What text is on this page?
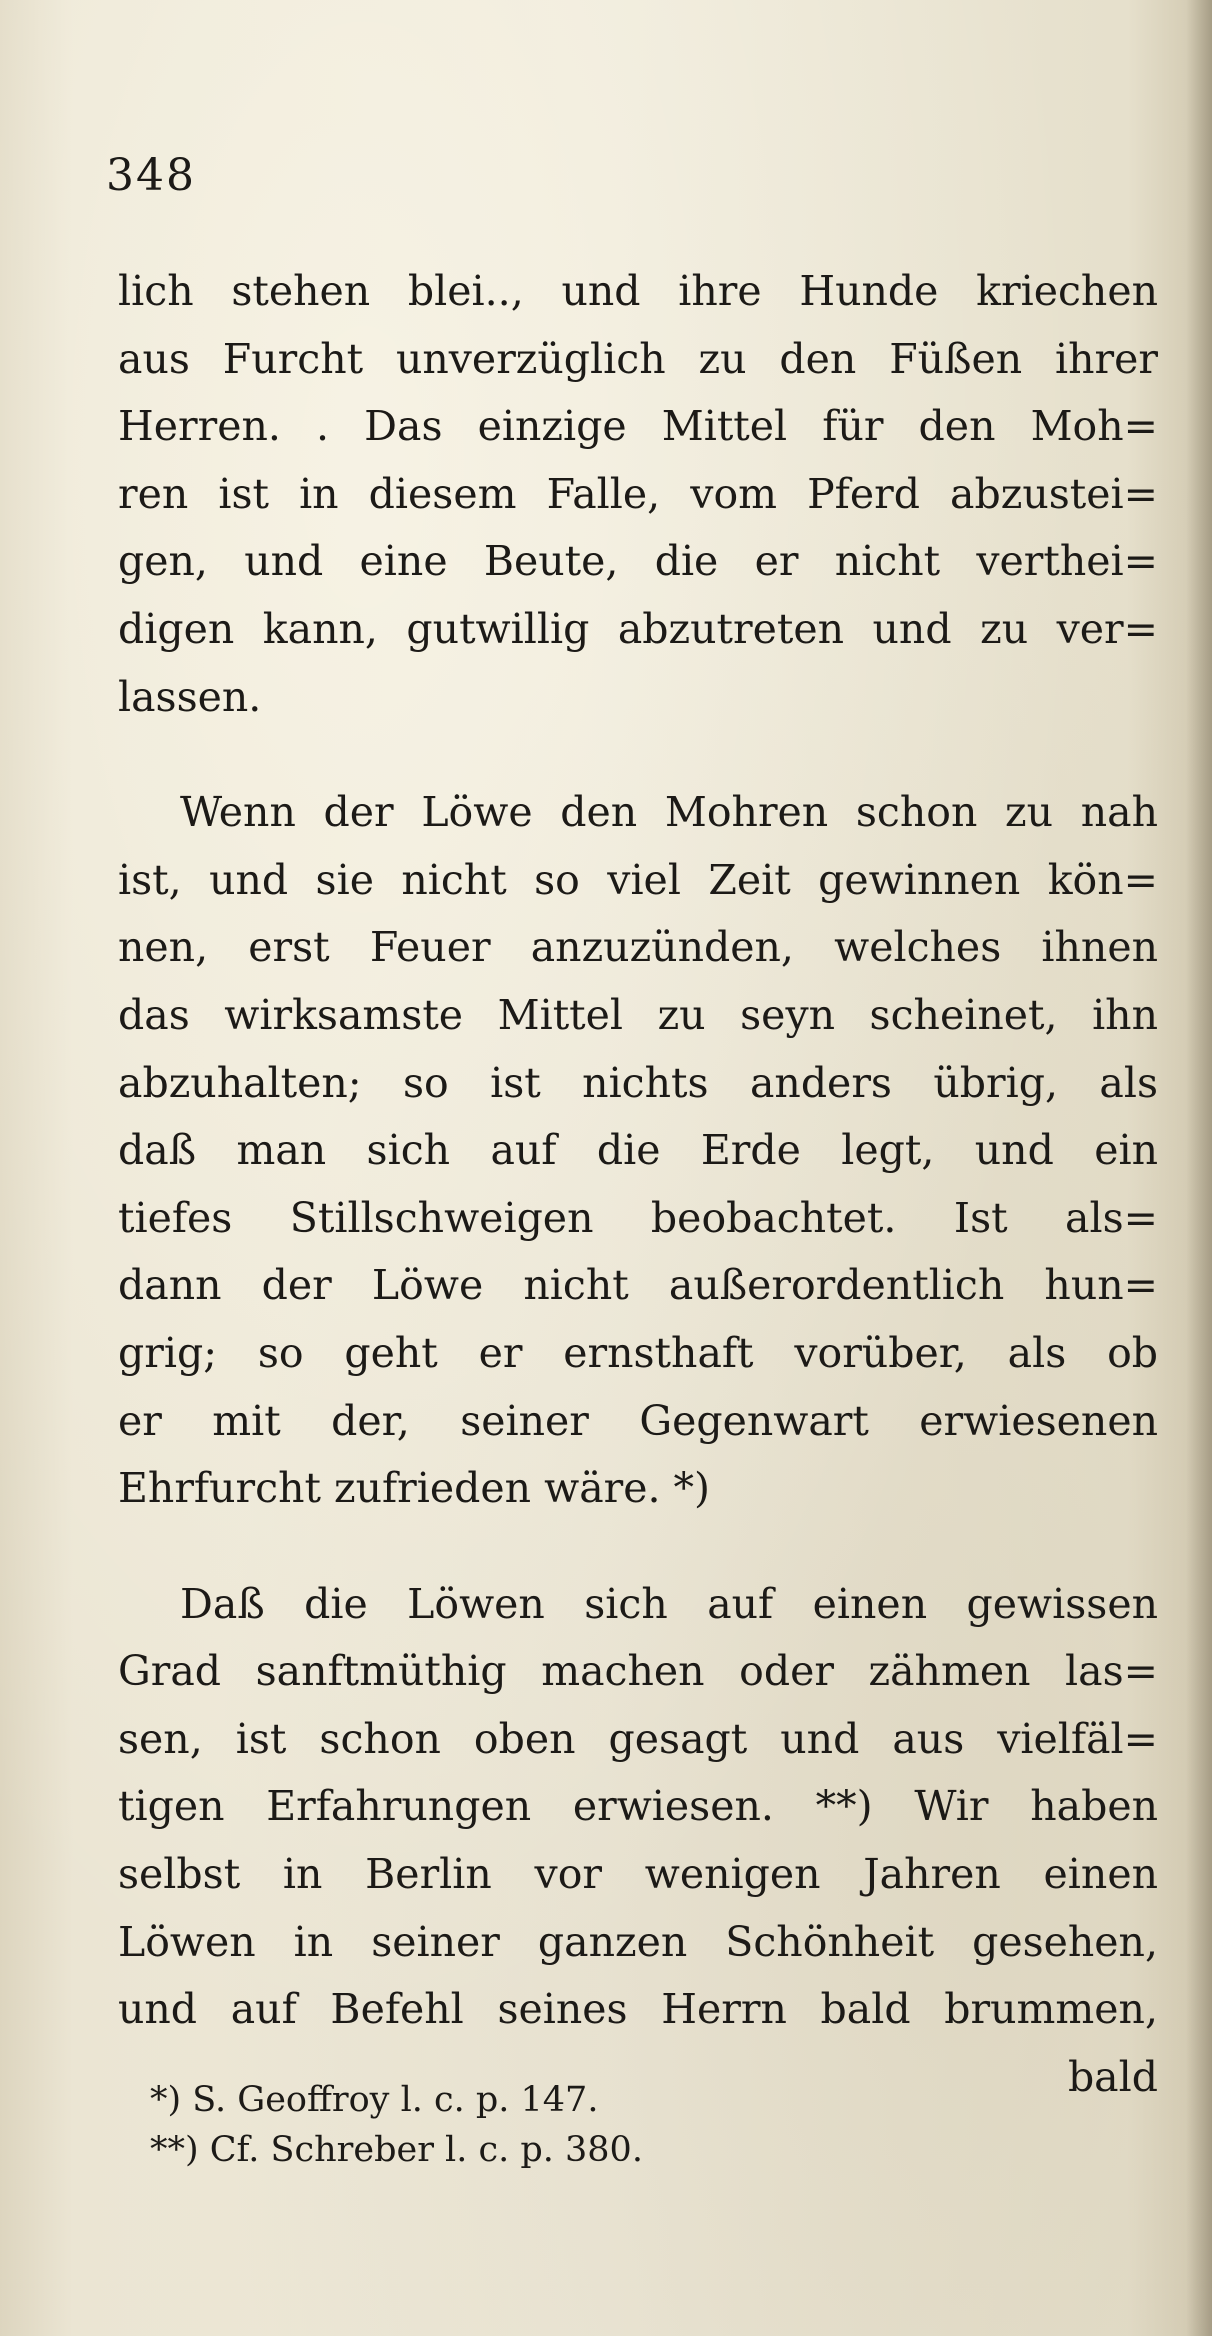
348
lich stehen blei.., und ihre Hunde kriechen
aus Furcht unverzüglich zu den Füßen ihrer
Herren. . Das einzige Mittel für den Moh=
ren ist in diesem Falle, vom Pferd abzustei=
gen, und eine Beute, die er nicht verthei=
digen kann, gutwillig abzutreten und zu ver=
lassen.
Wenn der Löwe den Mohren schon zu nah
ist, und sie nicht so viel Zeit gewinnen kön=
nen, erst Feuer anzuzünden, welches ihnen
das wirksamste Mittel zu seyn scheinet, ihn
abzuhalten; so ist nichts anders übrig, als
daß man sich auf die Erde legt, und ein
tiefes Stillschweigen beobachtet. Ist als=
dann der Löwe nicht außerordentlich hun=
grig; so geht er ernsthaft vorüber, als ob
er mit der, seiner Gegenwart erwiesenen
Ehrfurcht zufrieden wäre. *)
Daß die Löwen sich auf einen gewissen
Grad sanftmüthig machen oder zähmen las=
sen, ist schon oben gesagt und aus vielfäl=
tigen Erfahrungen erwiesen. **) Wir haben
selbst in Berlin vor wenigen Jahren einen
Löwen in seiner ganzen Schönheit gesehen,
und auf Befehl seines Herrn bald brummen,
bald
*) S. Geoffroy l. c. p. 147.
**) Cf. Schreber l. c. p. 380.
